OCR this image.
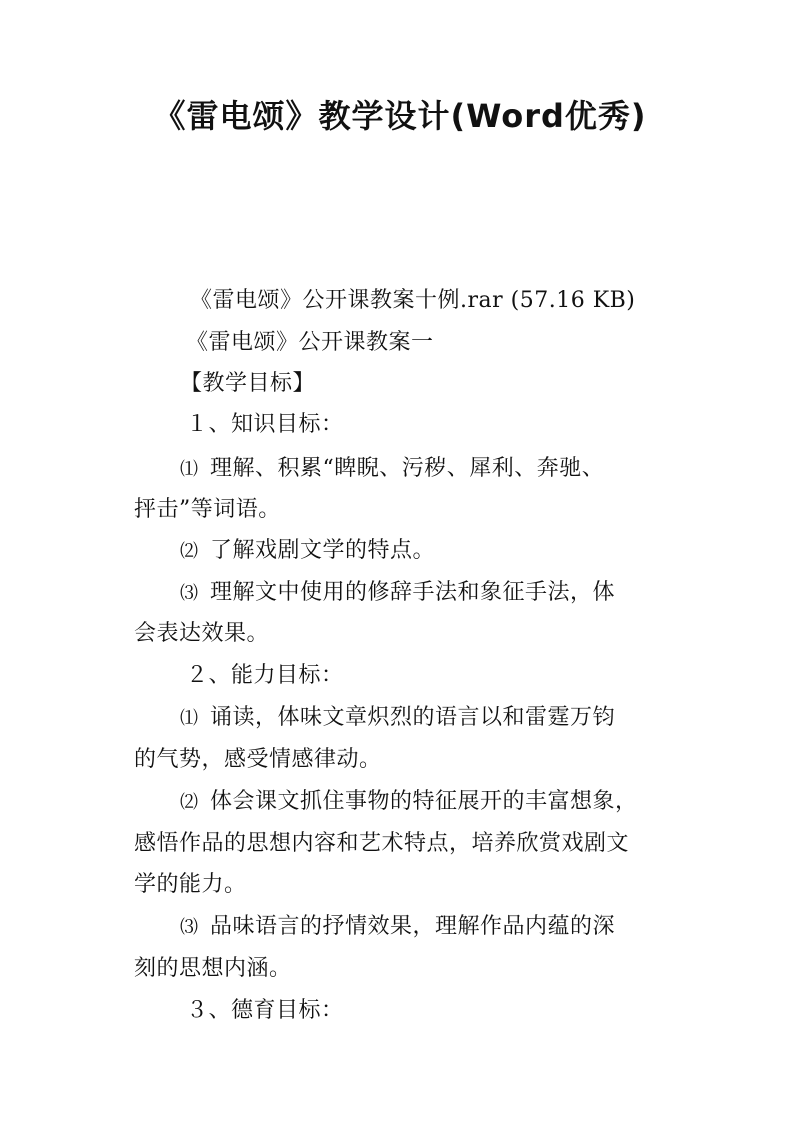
《雷电颂》教学设计(Word优秀)
《雷电颂》公开课教案十例.rar (57.16 KB)
《雷电颂》公开课教案一
【教学目标】
１、知识目标：
⑴ 理解、积累“睥睨、污秽、犀利、奔驰、
抨击”等词语。
⑵ 了解戏剧文学的特点。
⑶ 理解文中使用的修辞手法和象征手法，体
会表达效果。
２、能力目标：
⑴ 诵读，体味文章炽烈的语言以和雷霆万钧
的气势，感受情感律动。
⑵ 体会课文抓住事物的特征展开的丰富想象，
感悟作品的思想内容和艺术特点，培养欣赏戏剧文
学的能力。
⑶ 品味语言的抒情效果，理解作品内蕴的深
刻的思想内涵。
３、德育目标：
